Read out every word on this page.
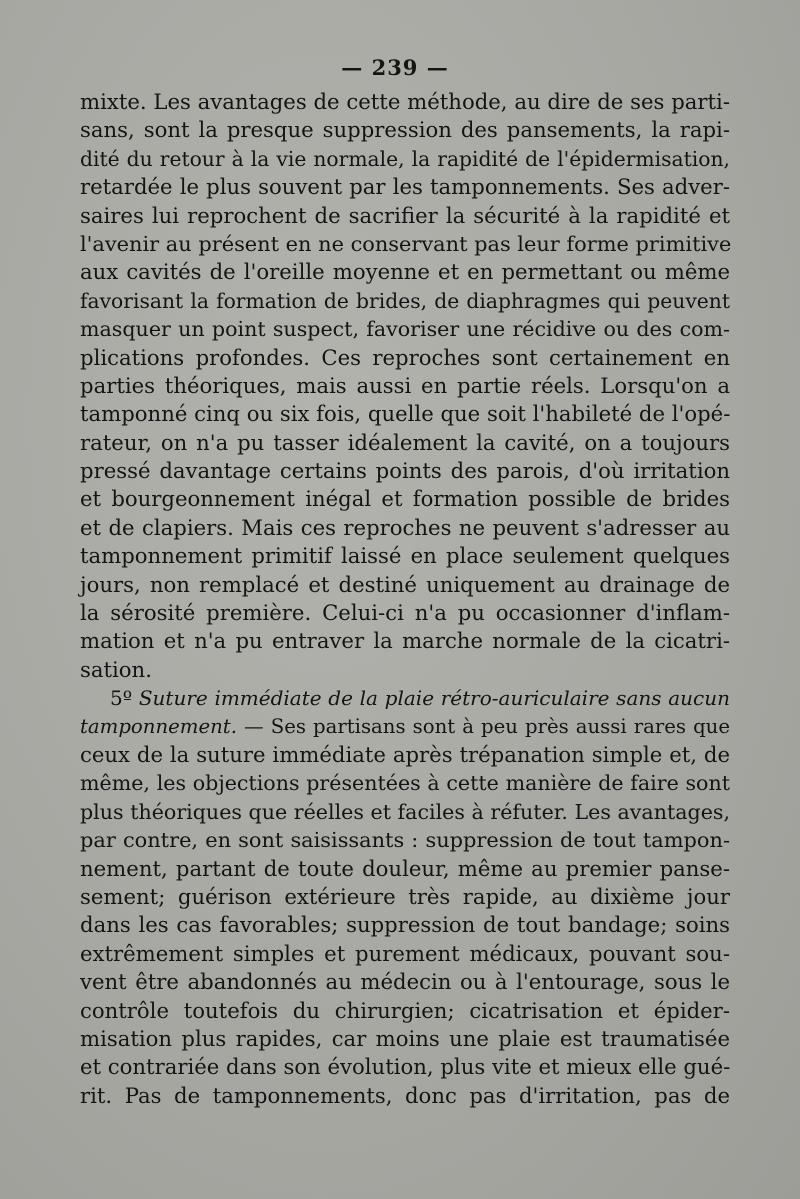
— 239 —
mixte. Les avantages de cette méthode, au dire de ses parti-
sans, sont la presque suppression des pansements, la rapi-
dité du retour à la vie normale, la rapidité de l'épidermisation,
retardée le plus souvent par les tamponnements. Ses adver-
saires lui reprochent de sacrifier la sécurité à la rapidité et
l'avenir au présent en ne conservant pas leur forme primitive
aux cavités de l'oreille moyenne et en permettant ou même
favorisant la formation de brides, de diaphragmes qui peuvent
masquer un point suspect, favoriser une récidive ou des com-
plications profondes. Ces reproches sont certainement en
parties théoriques, mais aussi en partie réels. Lorsqu'on a
tamponné cinq ou six fois, quelle que soit l'habileté de l'opé-
rateur, on n'a pu tasser idéalement la cavité, on a toujours
pressé davantage certains points des parois, d'où irritation
et bourgeonnement inégal et formation possible de brides
et de clapiers. Mais ces reproches ne peuvent s'adresser au
tamponnement primitif laissé en place seulement quelques
jours, non remplacé et destiné uniquement au drainage de
la sérosité première. Celui-ci n'a pu occasionner d'inflam-
mation et n'a pu entraver la marche normale de la cicatri-
sation.
5º Suture immédiate de la plaie rétro-auriculaire sans aucun
tamponnement. — Ses partisans sont à peu près aussi rares que
ceux de la suture immédiate après trépanation simple et, de
même, les objections présentées à cette manière de faire sont
plus théoriques que réelles et faciles à réfuter. Les avantages,
par contre, en sont saisissants : suppression de tout tampon-
nement, partant de toute douleur, même au premier panse-
sement; guérison extérieure très rapide, au dixième jour
dans les cas favorables; suppression de tout bandage; soins
extrêmement simples et purement médicaux, pouvant sou-
vent être abandonnés au médecin ou à l'entourage, sous le
contrôle toutefois du chirurgien; cicatrisation et épider-
misation plus rapides, car moins une plaie est traumatisée
et contrariée dans son évolution, plus vite et mieux elle gué-
rit. Pas de tamponnements, donc pas d'irritation, pas de
